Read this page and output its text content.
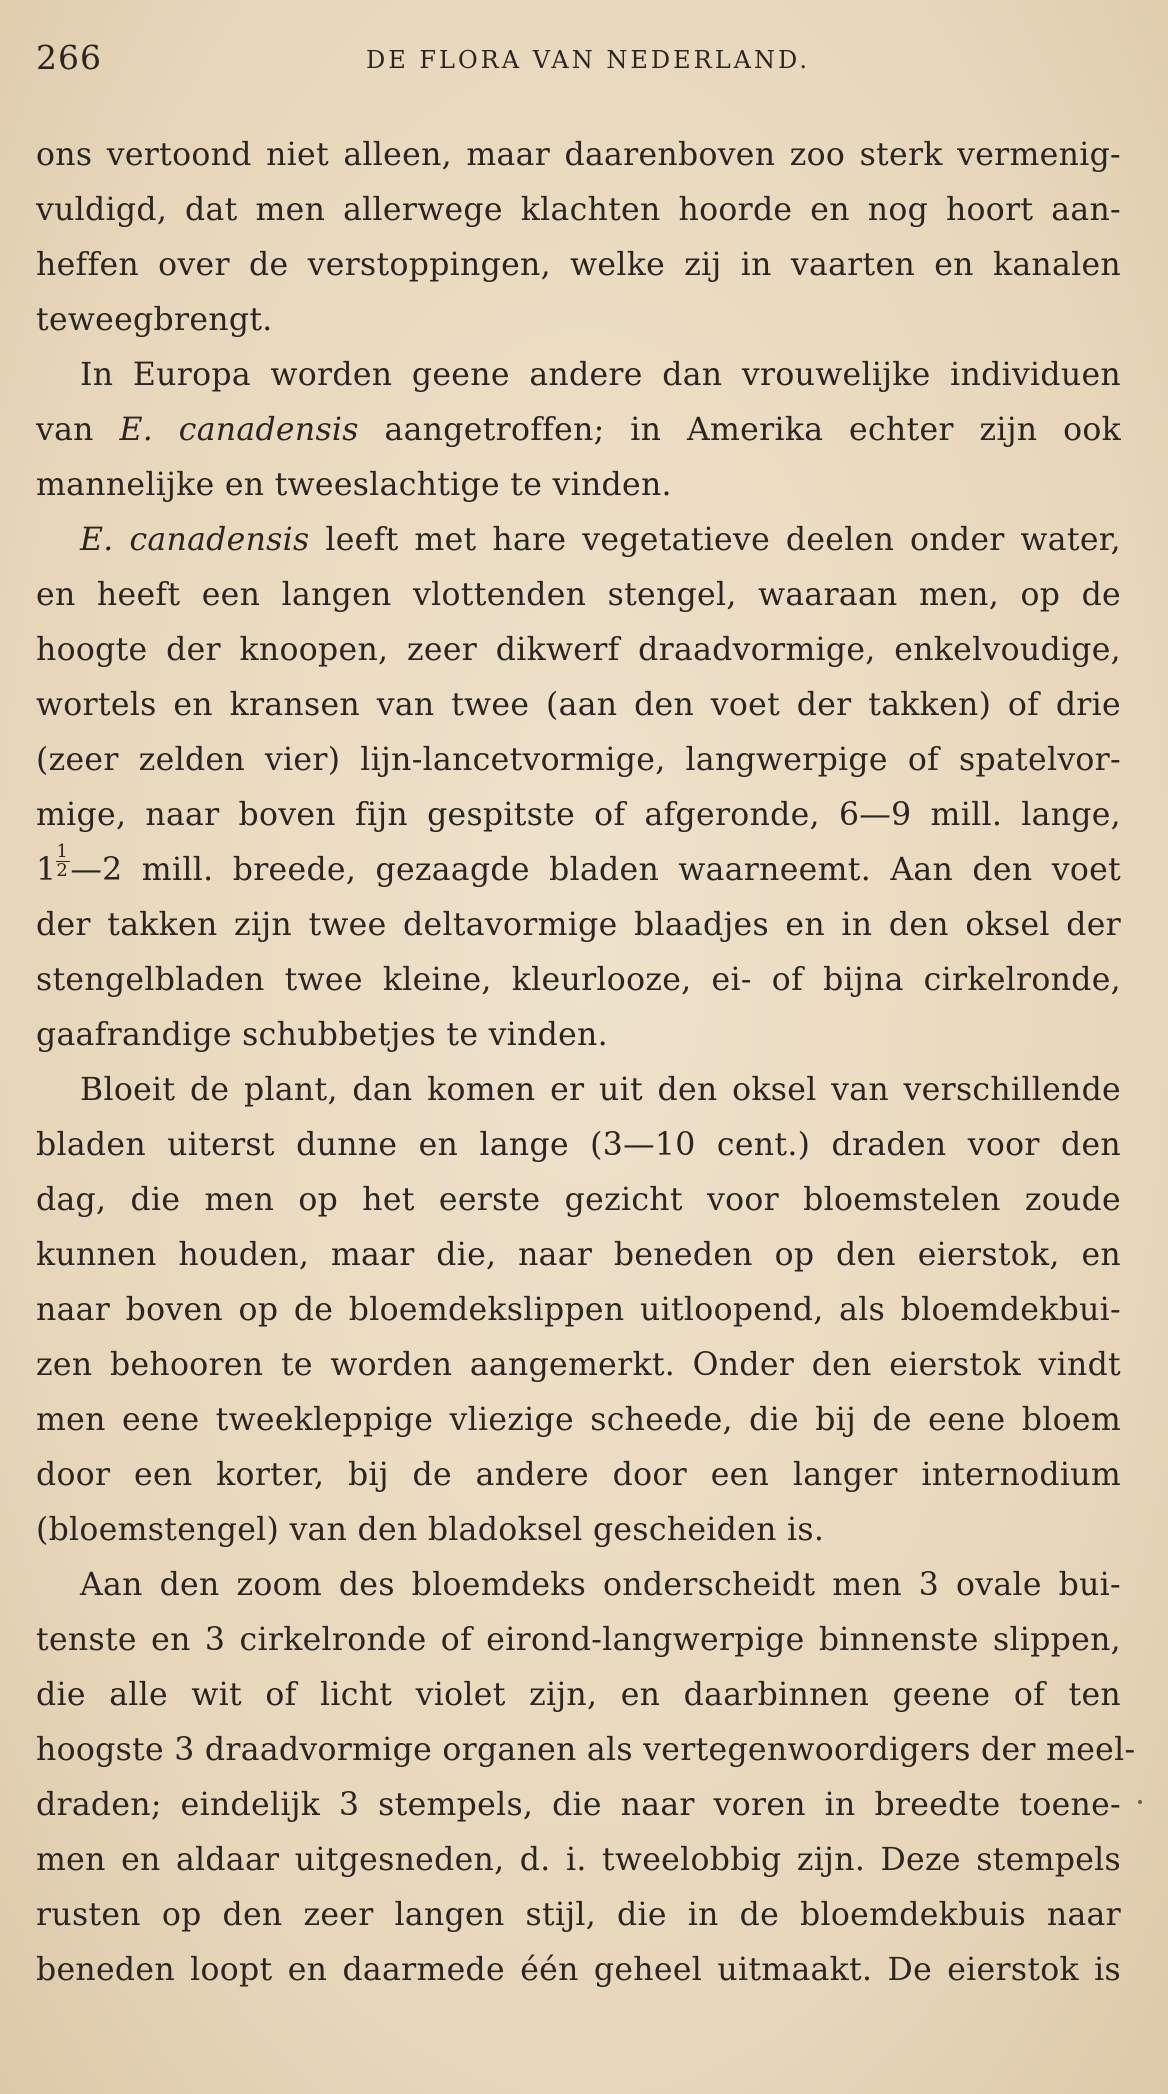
266	DE FLORA VAN NEDERLAND.
ons vertoond niet alleen, maar daarenboven zoo sterk vermenig-
vuldigd, dat men allerwege klachten hoorde en nog hoort aan-
heffen over de verstoppingen, welke zij in vaarten en kanalen
teweegbrengt.
In Europa worden geene andere dan vrouwelijke individuen
van E. canadensis aangetroffen; in Amerika echter zijn ook
mannelijke en tweeslachtige te vinden.
E. canadensis leeft met hare vegetatieve deelen onder water,
en heeft een langen vlottenden stengel, waaraan men, op de
hoogte der knoopen, zeer dikwerf draadvormige, enkelvoudige,
wortels en kransen van twee (aan den voet der takken) of drie
(zeer zelden vier) lijn-lancetvormige, langwerpige of spatelvor-
mige, naar boven fijn gespitste of afgeronde, 6—9 mill. lange,
$1 \frac{1}{2}$ —2 mill. breede, gezaagde bladen waarneemt. Aan den voet
der takken zijn twee deltavormige blaadjes en in den oksel der
stengelbladen twee kleine, kleurlooze, ei- of bijna cirkelronde,
gaafrandige schubbetjes te vinden.
Bloeit de plant, dan komen er uit den oksel van verschillende
bladen uiterst dunne en lange (3—10 cent.) draden voor den
dag, die men op het eerste gezicht voor bloemstelen zoude
kunnen houden, maar die, naar beneden op den eierstok, en
naar boven op de bloemdekslippen uitloopend, als bloemdekbui-
zen behooren te worden aangemerkt. Onder den eierstok vindt
men eene tweekleppige vliezige scheede, die bij de eene bloem
door een korter, bij de andere door een langer internodium
(bloemstengel) van den bladoksel gescheiden is.
Aan den zoom des bloemdeks onderscheidt men 3 ovale bui-
tenste en 3 cirkelronde of eirond-langwerpige binnenste slippen,
die alle wit of licht violet zijn, en daarbinnen geene of ten
hoogste 3 draadvormige organen als vertegenwoordigers der meel-
draden; eindelijk 3 stempels, die naar voren in breedte toene-
men en aldaar uitgesneden, d. i. tweelobbig zijn. Deze stempels
rusten op den zeer langen stijl, die in de bloemdekbuis naar
beneden loopt en daarmede één geheel uitmaakt. De eierstok is
